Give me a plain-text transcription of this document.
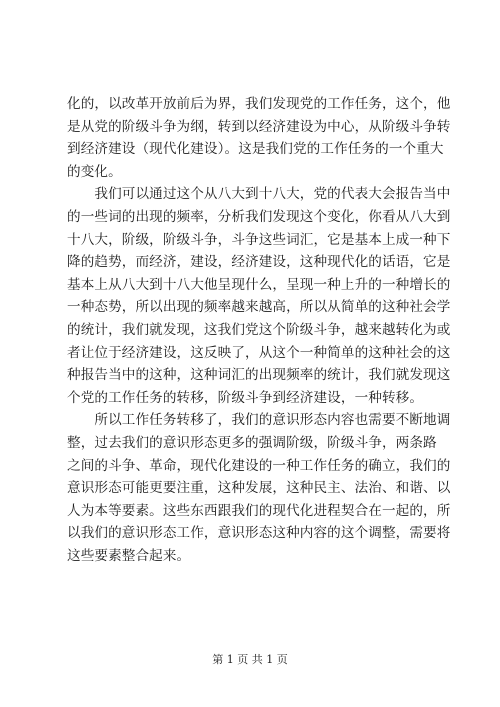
化的，以改革开放前后为界，我们发现党的工作任务，这个，他
是从党的阶级斗争为纲，转到以经济建设为中心，从阶级斗争转
到经济建设（现代化建设）。这是我们党的工作任务的一个重大
的变化。

　　我们可以通过这个从八大到十八大，党的代表大会报告当中
的一些词的出现的频率，分析我们发现这个变化，你看从八大到
十八大，阶级，阶级斗争，斗争这些词汇，它是基本上成一种下
降的趋势，而经济，建设，经济建设，这种现代化的话语，它是
基本上从八大到十八大他呈现什么，呈现一种上升的一种增长的
一种态势，所以出现的频率越来越高，所以从简单的这种社会学
的统计，我们就发现，这我们党这个阶级斗争，越来越转化为或
者让位于经济建设，这反映了，从这个一种简单的这种社会的这
种报告当中的这种，这种词汇的出现频率的统计，我们就发现这
个党的工作任务的转移，阶级斗争到经济建设，一种转移。

　　所以工作任务转移了，我们的意识形态内容也需要不断地调
整，过去我们的意识形态更多的强调阶级，阶级斗争，两条路
之间的斗争、革命，现代化建设的一种工作任务的确立，我们的
意识形态可能更要注重，这种发展，这种民主、法治、和谐、以
人为本等要素。这些东西跟我们的现代化进程契合在一起的，所
以我们的意识形态工作，意识形态这种内容的这个调整，需要将
这些要素整合起来。

第 1 页 共 1 页
